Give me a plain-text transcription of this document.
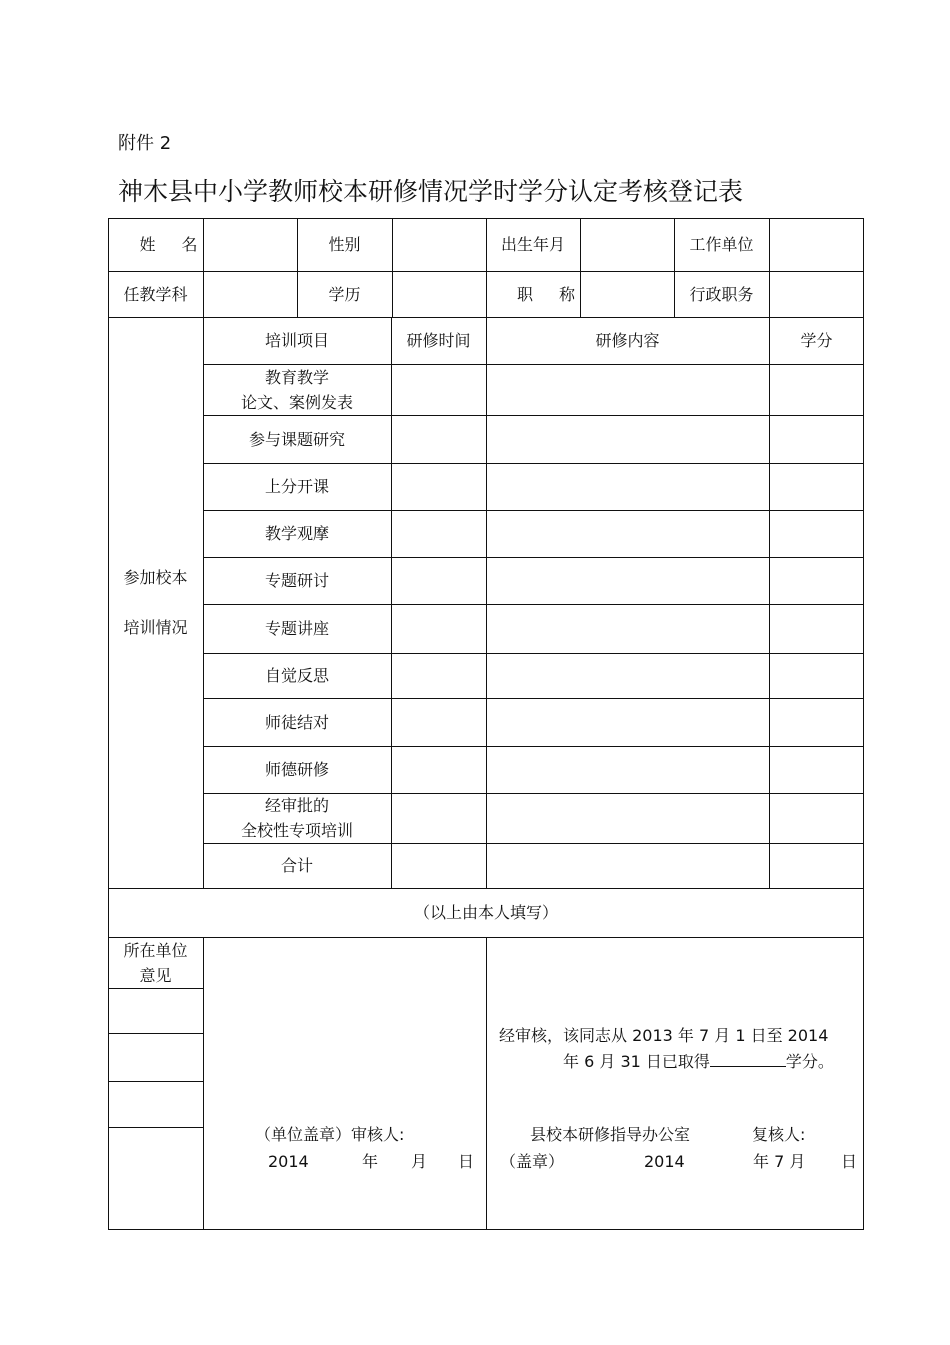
附件 2
神木县中小学教师校本研修情况学时学分认定考核登记表
姓名	性别	出生年月	工作单位
任教学科	学历	职称	行政职务
参加校本
培训情况
培训项目	研修时间	研修内容	学分
教育教学
论文、案例发表
参与课题研究
上分开课
教学观摩
专题研讨
专题讲座
自觉反思
师徒结对
师德研修
经审批的
全校性专项培训
合计
（以上由本人填写）
所在单位
意见
（单位盖章）审核人:
2014	年 月 日
经审核，该同志从 2013 年 7 月 1 日至 2014
年 6 月 31 日已取得	学分。
县校本研修指导办公室	复核人:
（盖章）	2014	年 7 月 日
